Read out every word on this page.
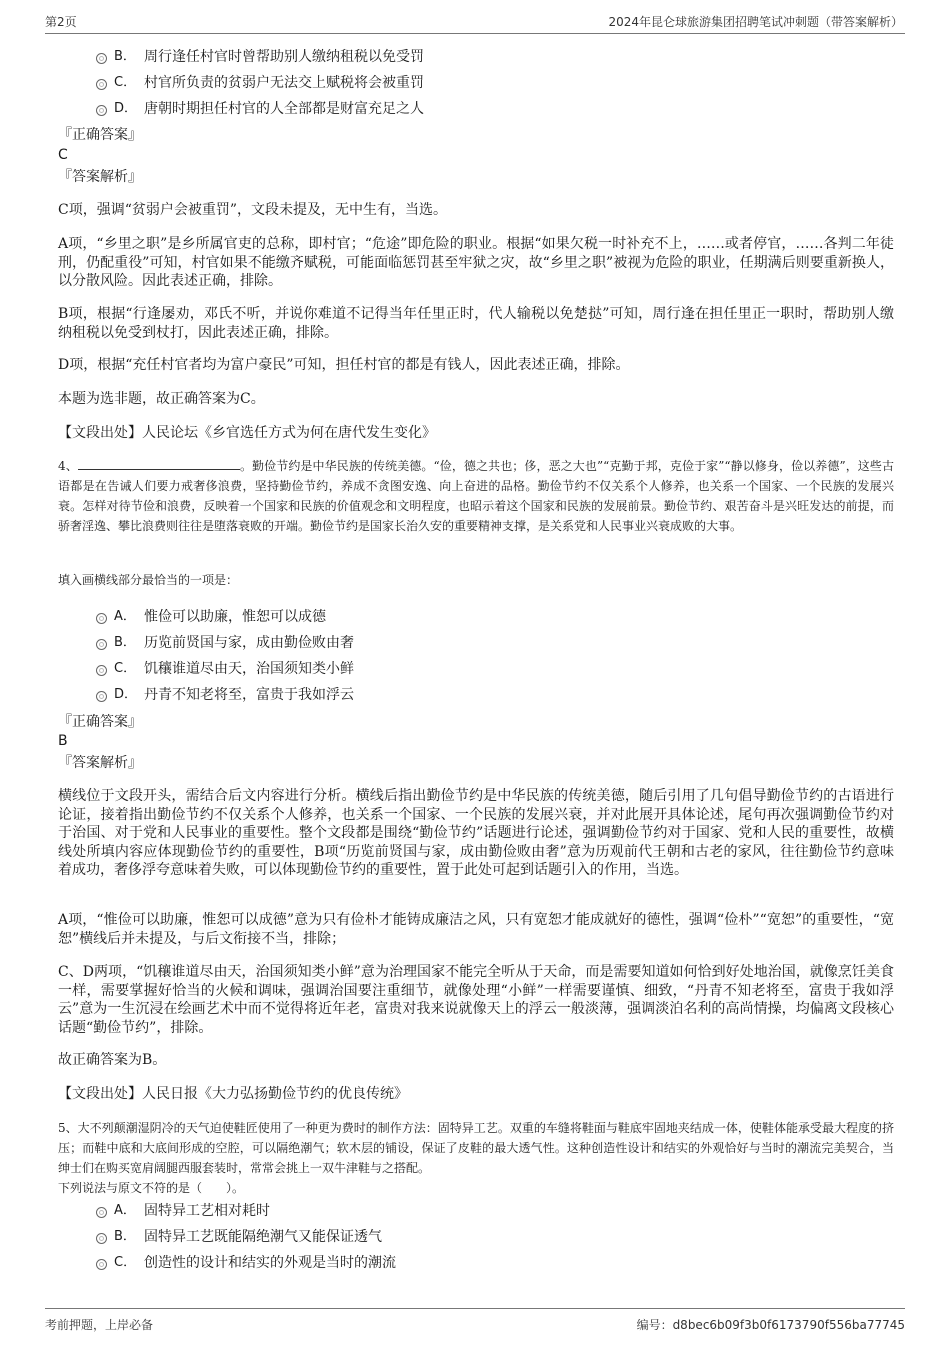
第2页	2024年昆仑球旅游集团招聘笔试冲刺题（带答案解析）
B． 周行逢任村官时曾帮助别人缴纳租税以免受罚
C． 村官所负责的贫弱户无法交上赋税将会被重罚
D． 唐朝时期担任村官的人全部都是财富充足之人
『正确答案』
C
『答案解析』
C项，强调“贫弱户会被重罚”，文段未提及，无中生有，当选。
A项，“乡里之职”是乡所属官吏的总称，即村官；“危途”即危险的职业。根据“如果欠税一时补充不上，……或者停官，……各判二年徒刑，仍配重役”可知，村官如果不能缴齐赋税，可能面临惩罚甚至牢狱之灾，故“乡里之职”被视为危险的职业，任期满后则要重新换人，以分散风险。因此表述正确，排除。
B项，根据“行逢屡劝，邓氏不听，并说你难道不记得当年任里正时，代人输税以免楚挞”可知，周行逢在担任里正一职时，帮助别人缴纳租税以免受到杖打，因此表述正确，排除。
D项，根据“充任村官者均为富户豪民”可知，担任村官的都是有钱人，因此表述正确，排除。
本题为选非题，故正确答案为C。
【文段出处】人民论坛《乡官选任方式为何在唐代发生变化》
4、	。勤俭节约是中华民族的传统美德。“俭，德之共也；侈，恶之大也”“克勤于邦，克俭于家”“静以修身，俭以养德”，这些古语都是在告诫人们要力戒奢侈浪费，坚持勤俭节约，养成不贪图安逸、向上奋进的品格。勤俭节约不仅关系个人修养，也关系一个国家、一个民族的发展兴衰。怎样对待节俭和浪费，反映着一个国家和民族的价值观念和文明程度，也昭示着这个国家和民族的发展前景。勤俭节约、艰苦奋斗是兴旺发达的前提，而骄奢淫逸、攀比浪费则往往是堕落衰败的开端。勤俭节约是国家长治久安的重要精神支撑，是关系党和人民事业兴衰成败的大事。
填入画横线部分最恰当的一项是：
A． 惟俭可以助廉，惟恕可以成德
B． 历览前贤国与家，成由勤俭败由奢
C． 饥穰谁道尽由天，治国须知类小鲜
D． 丹青不知老将至，富贵于我如浮云
『正确答案』
B
『答案解析』
横线位于文段开头，需结合后文内容进行分析。横线后指出勤俭节约是中华民族的传统美德，随后引用了几句倡导勤俭节约的古语进行论证，接着指出勤俭节约不仅关系个人修养，也关系一个国家、一个民族的发展兴衰，并对此展开具体论述，尾句再次强调勤俭节约对于治国、对于党和人民事业的重要性。整个文段都是围绕“勤俭节约”话题进行论述，强调勤俭节约对于国家、党和人民的重要性，故横线处所填内容应体现勤俭节约的重要性，B项“历览前贤国与家，成由勤俭败由奢”意为历观前代王朝和古老的家风，往往勤俭节约意味着成功，奢侈浮夸意味着失败，可以体现勤俭节约的重要性，置于此处可起到话题引入的作用，当选。
A项，“惟俭可以助廉，惟恕可以成德”意为只有俭朴才能铸成廉洁之风，只有宽恕才能成就好的德性，强调“俭朴”“宽恕”的重要性，“宽恕”横线后并未提及，与后文衔接不当，排除；
C、D两项，“饥穰谁道尽由天，治国须知类小鲜”意为治理国家不能完全听从于天命，而是需要知道如何恰到好处地治国，就像烹饪美食一样，需要掌握好恰当的火候和调味，强调治国要注重细节，就像处理“小鲜”一样需要谨慎、细致，“丹青不知老将至，富贵于我如浮云”意为一生沉浸在绘画艺术中而不觉得将近年老，富贵对我来说就像天上的浮云一般淡薄，强调淡泊名利的高尚情操，均偏离文段核心话题“勤俭节约”，排除。
故正确答案为B。
【文段出处】人民日报《大力弘扬勤俭节约的优良传统》
5、大不列颠潮湿阴冷的天气迫使鞋匠使用了一种更为费时的制作方法：固特异工艺。双重的车缝将鞋面与鞋底牢固地夹结成一体，使鞋体能承受最大程度的挤压；而鞋中底和大底间形成的空腔，可以隔绝潮气；软木层的铺设，保证了皮鞋的最大透气性。这种创造性设计和结实的外观恰好与当时的潮流完美契合，当绅士们在购买宽肩阔腿西服套装时，常常会挑上一双牛津鞋与之搭配。
下列说法与原文不符的是（　　）。
A． 固特异工艺相对耗时
B． 固特异工艺既能隔绝潮气又能保证透气
C． 创造性的设计和结实的外观是当时的潮流
考前押题，上岸必备	编号：d8bec6b09f3b0f6173790f556ba77745
